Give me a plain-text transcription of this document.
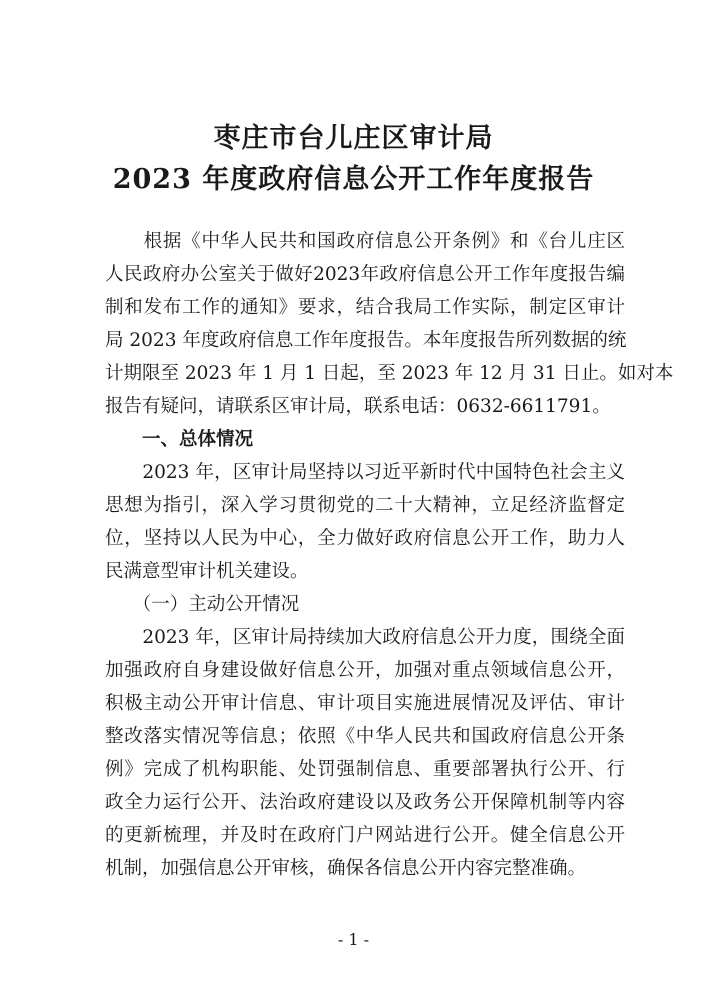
枣庄市台儿庄区审计局
2023 年度政府信息公开工作年度报告
　　根据《中华人民共和国政府信息公开条例》和《台儿庄区
人民政府办公室关于做好2023年政府信息公开工作年度报告编
制和发布工作的通知》要求，结合我局工作实际，制定区审计
局 2023 年度政府信息工作年度报告。本年度报告所列数据的统
计期限至 2023 年 1 月 1 日起，至 2023 年 12 月 31 日止。如对本
报告有疑问，请联系区审计局，联系电话：0632-6611791。
　　一、总体情况
　　2023 年，区审计局坚持以习近平新时代中国特色社会主义
思想为指引，深入学习贯彻党的二十大精神，立足经济监督定
位，坚持以人民为中心，全力做好政府信息公开工作，助力人
民满意型审计机关建设。
　　（一）主动公开情况
　　2023 年，区审计局持续加大政府信息公开力度，围绕全面
加强政府自身建设做好信息公开，加强对重点领域信息公开，
积极主动公开审计信息、审计项目实施进展情况及评估、审计
整改落实情况等信息；依照《中华人民共和国政府信息公开条
例》完成了机构职能、处罚强制信息、重要部署执行公开、行
政全力运行公开、法治政府建设以及政务公开保障机制等内容
的更新梳理，并及时在政府门户网站进行公开。健全信息公开
机制，加强信息公开审核，确保各信息公开内容完整准确。
- 1 -
